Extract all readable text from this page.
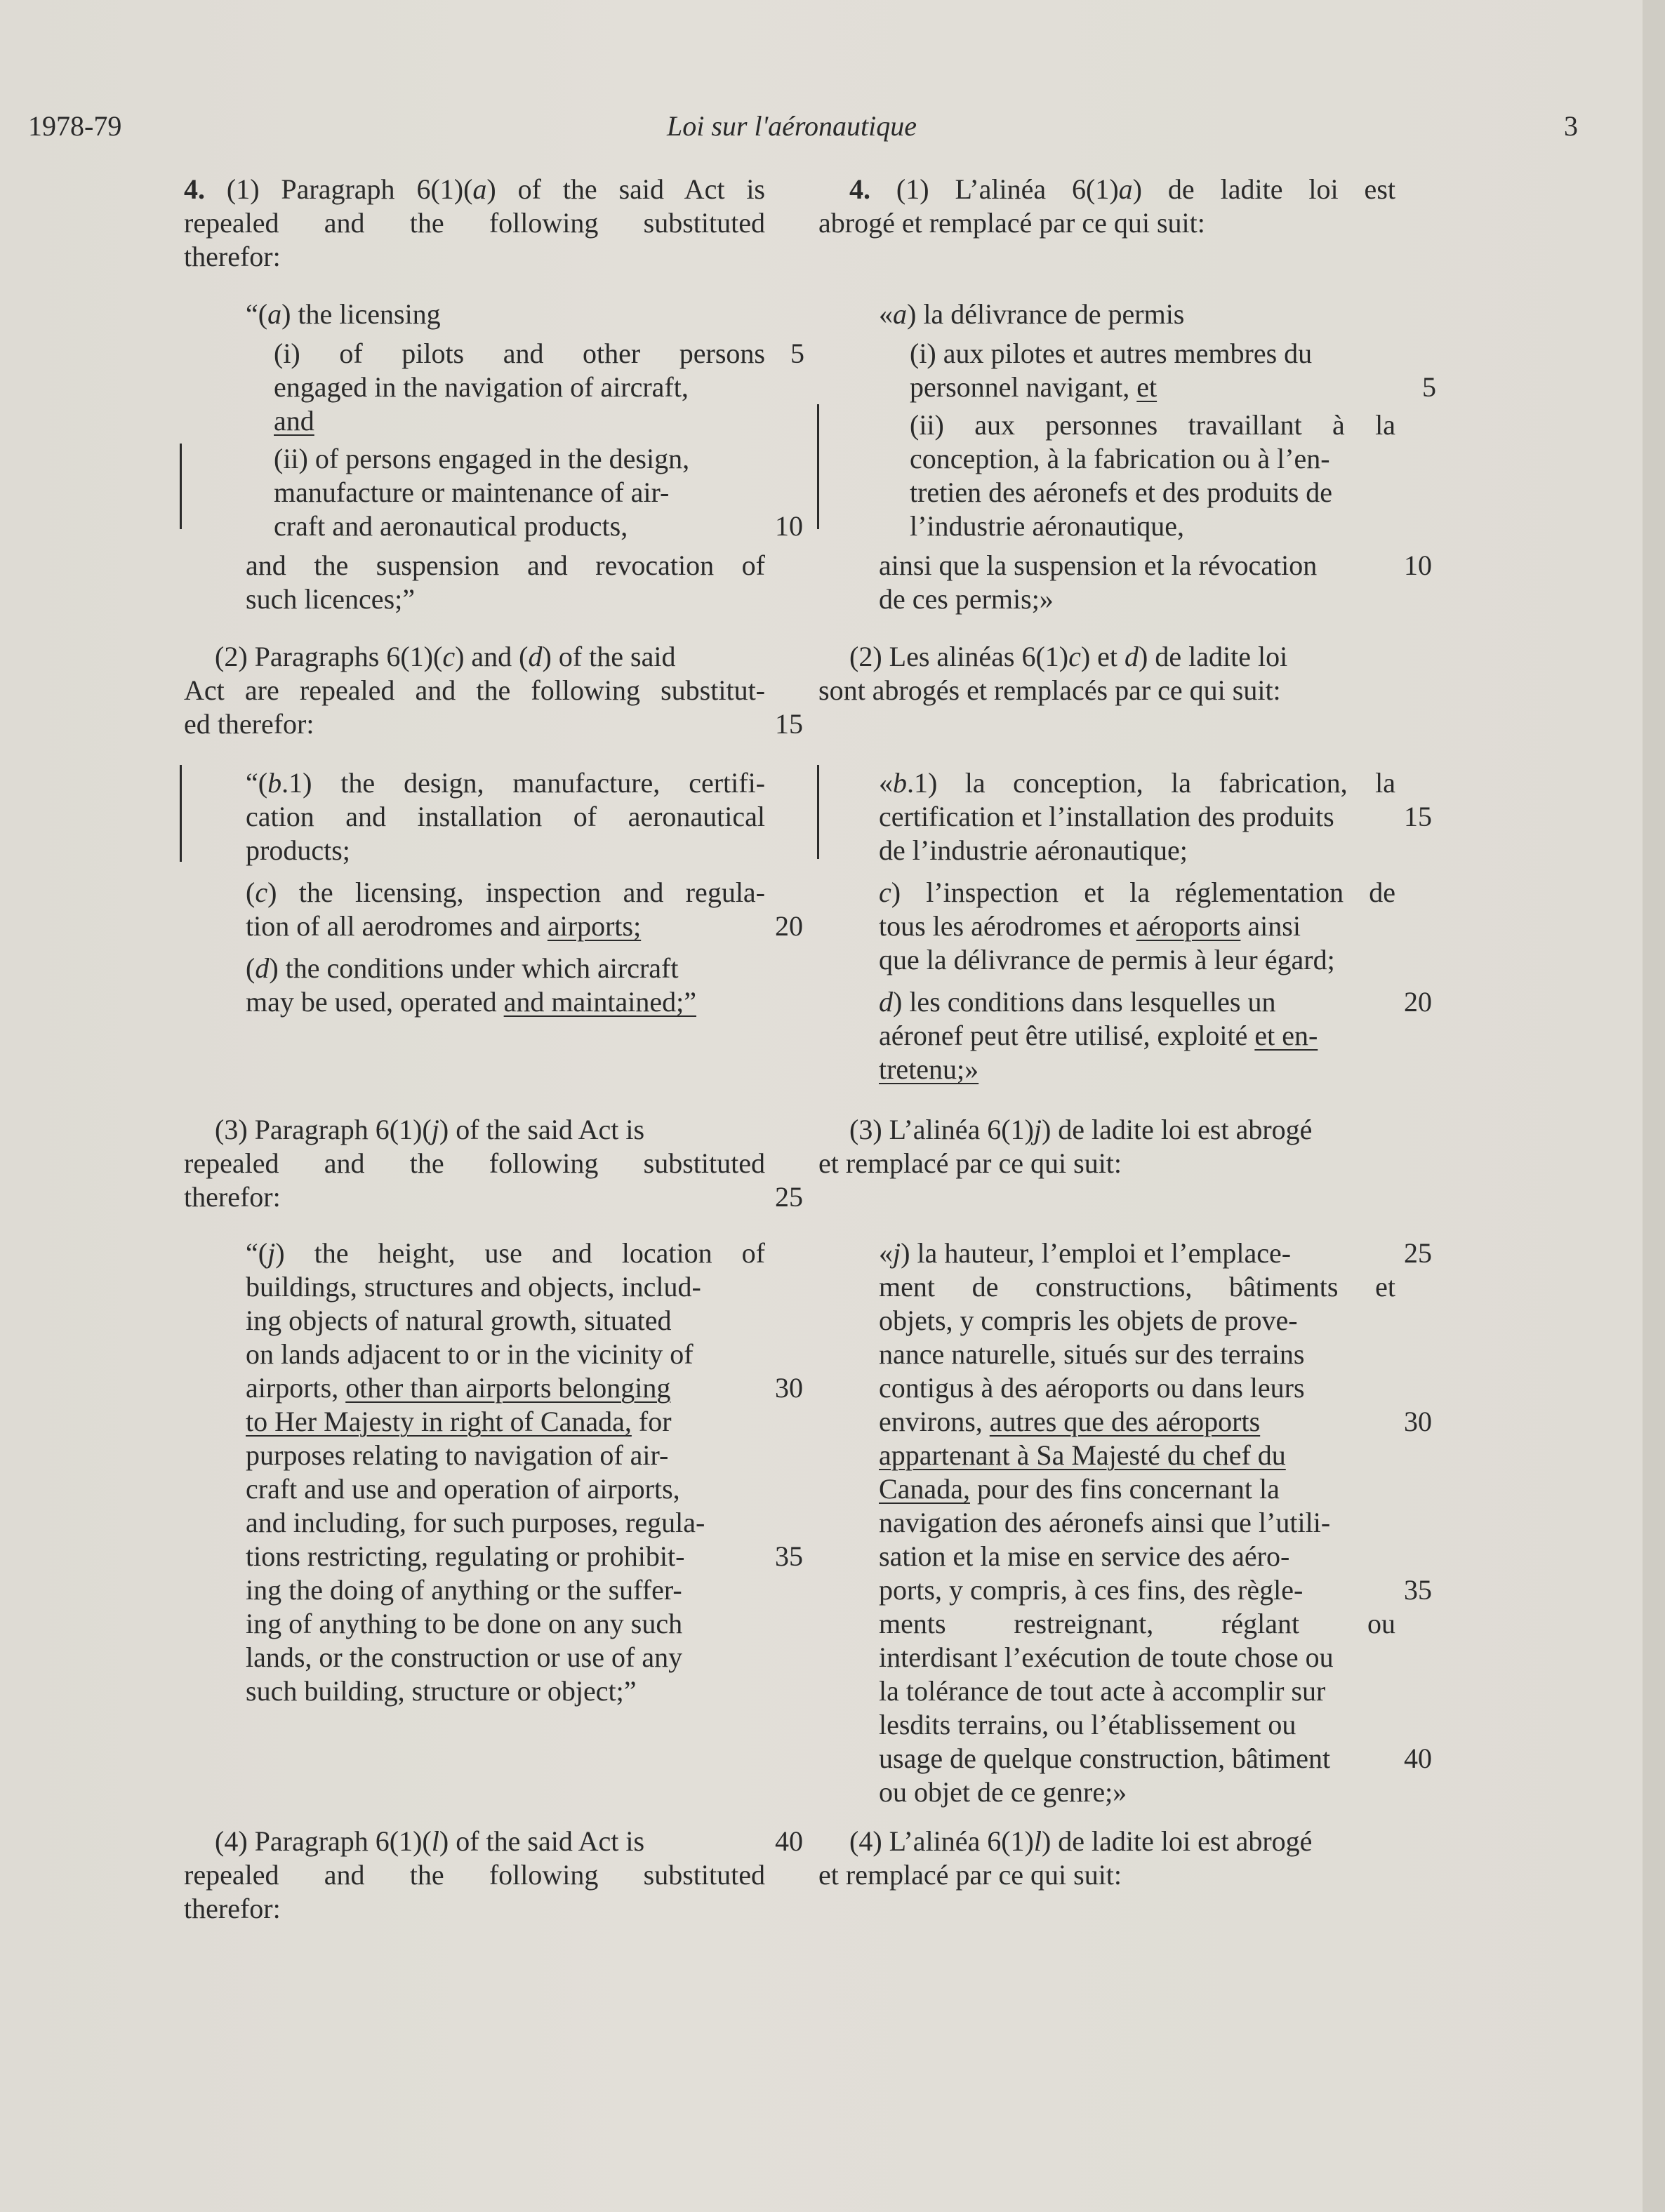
1978-79	Loi sur l'aéronautique	3
4. (1) Paragraph 6(1)(a) of the said Act is
repealed and the following substituted
therefor:
“(a) the licensing
(i) of pilots and other persons
engaged in the navigation of aircraft,
and
(ii) of persons engaged in the design,
manufacture or maintenance of air-
craft and aeronautical products,
and the suspension and revocation of
such licences;”
(2) Paragraphs 6(1)(c) and (d) of the said
Act are repealed and the following substitut-
ed therefor:
“(b.1) the design, manufacture, certifi-
cation and installation of aeronautical
products;
(c) the licensing, inspection and regula-
tion of all aerodromes and airports;
(d) the conditions under which aircraft
may be used, operated and maintained;”
(3) Paragraph 6(1)(j) of the said Act is
repealed and the following substituted
therefor:
“(j) the height, use and location of
buildings, structures and objects, includ-
ing objects of natural growth, situated
on lands adjacent to or in the vicinity of
airports, other than airports belonging
to Her Majesty in right of Canada, for
purposes relating to navigation of air-
craft and use and operation of airports,
and including, for such purposes, regula-
tions restricting, regulating or prohibit-
ing the doing of anything or the suffer-
ing of anything to be done on any such
lands, or the construction or use of any
such building, structure or object;”
(4) Paragraph 6(1)(l) of the said Act is
repealed and the following substituted
therefor:
4. (1) L’alinéa 6(1)a) de ladite loi est
abrogé et remplacé par ce qui suit:
«a) la délivrance de permis
(i) aux pilotes et autres membres du
personnel navigant, et
(ii) aux personnes travaillant à la
conception, à la fabrication ou à l’en-
tretien des aéronefs et des produits de
l’industrie aéronautique,
ainsi que la suspension et la révocation
de ces permis;»
(2) Les alinéas 6(1)c) et d) de ladite loi
sont abrogés et remplacés par ce qui suit:
«b.1) la conception, la fabrication, la
certification et l’installation des produits
de l’industrie aéronautique;
c) l’inspection et la réglementation de
tous les aérodromes et aéroports ainsi
que la délivrance de permis à leur égard;
d) les conditions dans lesquelles un
aéronef peut être utilisé, exploité et en-
tretenu;»
(3) L’alinéa 6(1)j) de ladite loi est abrogé
et remplacé par ce qui suit:
«j) la hauteur, l’emploi et l’emplace-
ment de constructions, bâtiments et
objets, y compris les objets de prove-
nance naturelle, situés sur des terrains
contigus à des aéroports ou dans leurs
environs, autres que des aéroports
appartenant à Sa Majesté du chef du
Canada, pour des fins concernant la
navigation des aéronefs ainsi que l’utili-
sation et la mise en service des aéro-
ports, y compris, à ces fins, des règle-
ments restreignant, réglant ou
interdisant l’exécution de toute chose ou
la tolérance de tout acte à accomplir sur
lesdits terrains, ou l’établissement ou
usage de quelque construction, bâtiment
ou objet de ce genre;»
(4) L’alinéa 6(1)l) de ladite loi est abrogé
et remplacé par ce qui suit:
5
10
15
20
25
30
35
40
5
10
15
20
25
30
35
40
